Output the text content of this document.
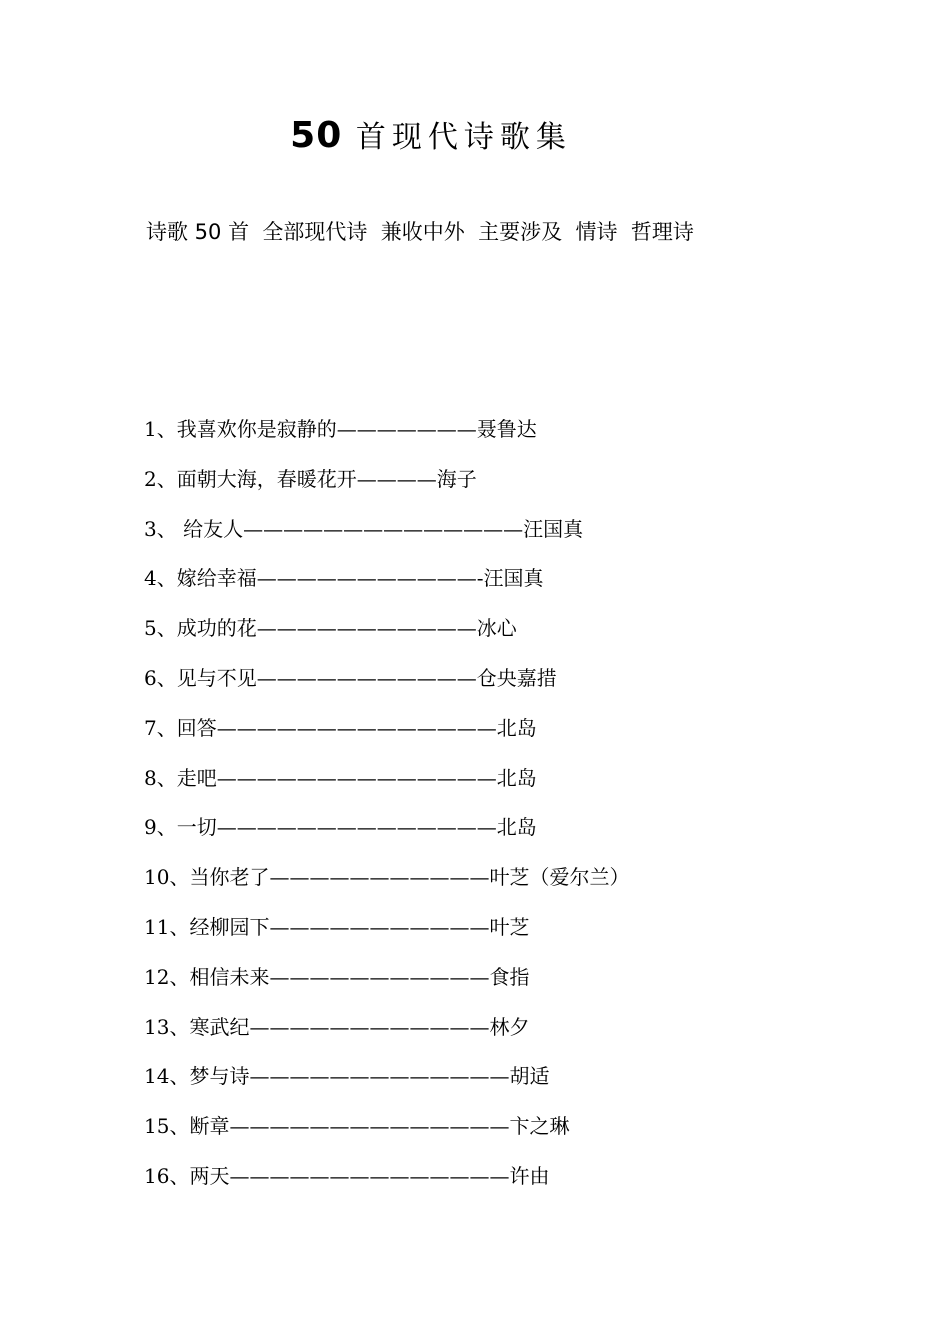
50 首现代诗歌集
诗歌 50 首  全部现代诗  兼收中外  主要涉及  情诗  哲理诗
1、我喜欢你是寂静的———————聂鲁达
2、面朝大海，春暖花开————海子
3、 给友人——————————————汪国真
4、嫁给幸福———————————-汪国真
5、成功的花———————————冰心
6、见与不见———————————仓央嘉措
7、回答——————————————北岛
8、走吧——————————————北岛
9、一切——————————————北岛
10、当你老了———————————叶芝（爱尔兰）
11、经柳园下———————————叶芝
12、相信未来———————————食指
13、寒武纪————————————林夕
14、梦与诗—————————————胡适
15、断章——————————————卞之琳
16、两天——————————————许由
